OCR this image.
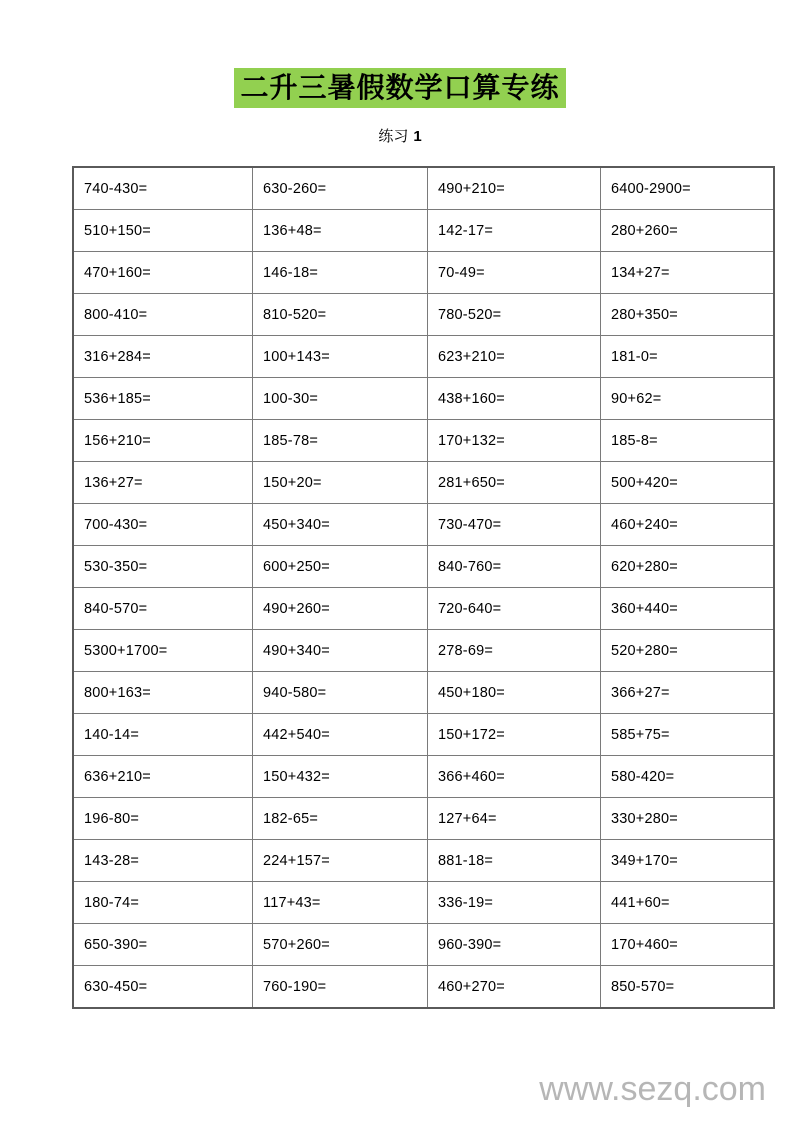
二升三暑假数学口算专练
练习 1
740-430=	630-260=	490+210=	6400-2900=
510+150=	136+48=	142-17=	280+260=
470+160=	146-18=	70-49=	134+27=
800-410=	810-520=	780-520=	280+350=
316+284=	100+143=	623+210=	181-0=
536+185=	100-30=	438+160=	90+62=
156+210=	185-78=	170+132=	185-8=
136+27=	150+20=	281+650=	500+420=
700-430=	450+340=	730-470=	460+240=
530-350=	600+250=	840-760=	620+280=
840-570=	490+260=	720-640=	360+440=
5300+1700=	490+340=	278-69=	520+280=
800+163=	940-580=	450+180=	366+27=
140-14=	442+540=	150+172=	585+75=
636+210=	150+432=	366+460=	580-420=
196-80=	182-65=	127+64=	330+280=
143-28=	224+157=	881-18=	349+170=
180-74=	117+43=	336-19=	441+60=
650-390=	570+260=	960-390=	170+460=
630-450=	760-190=	460+270=	850-570=
www.sezq.com
